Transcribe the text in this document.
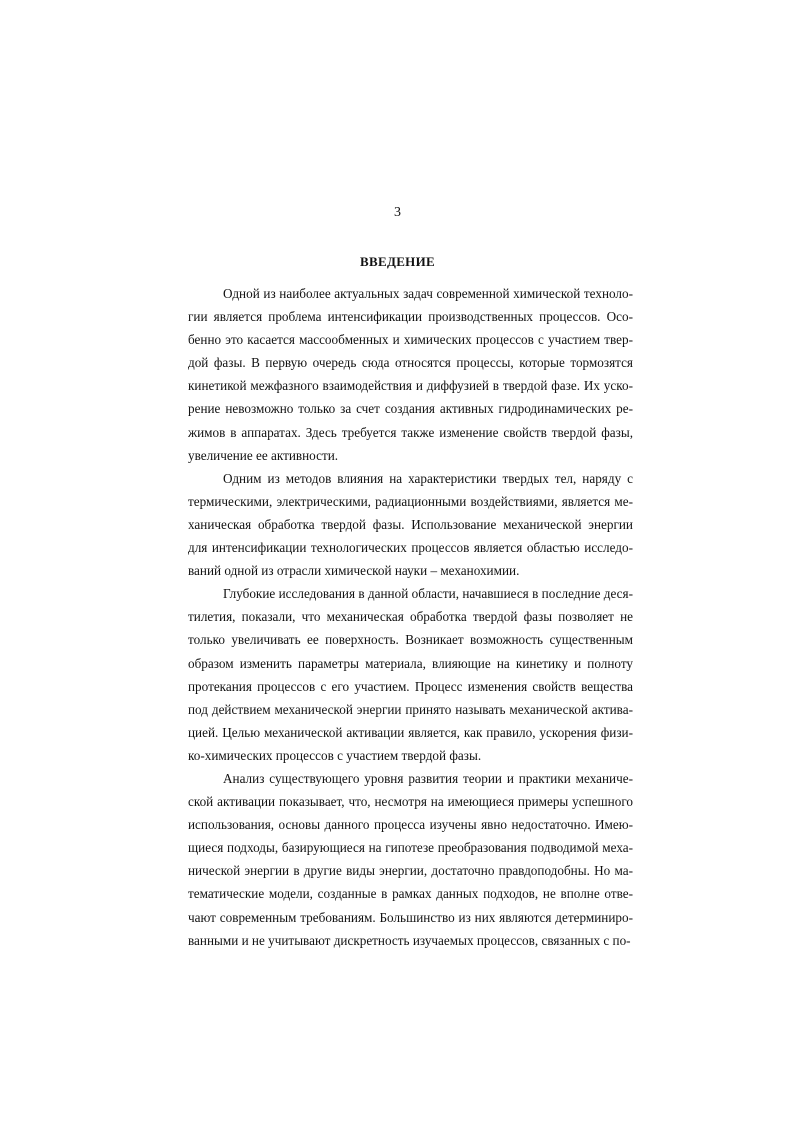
3
ВВЕДЕНИЕ

Одной из наиболее актуальных задач современной химической технологии является проблема интенсификации производственных процессов. Особенно это касается массообменных и химических процессов с участием твердой фазы. В первую очередь сюда относятся процессы, которые тормозятся кинетикой межфазного взаимодействия и диффузией в твердой фазе. Их ускорение невозможно только за счет создания активных гидродинамических режимов в аппаратах. Здесь требуется также изменение свойств твердой фазы, увеличение ее активности.

Одним из методов влияния на характеристики твердых тел, наряду с термическими, электрическими, радиационными воздействиями, является механическая обработка твердой фазы. Использование механической энергии для интенсификации технологических процессов является областью исследований одной из отрасли химической науки – механохимии.

Глубокие исследования в данной области, начавшиеся в последние десятилетия, показали, что механическая обработка твердой фазы позволяет не только увеличивать ее поверхность. Возникает возможность существенным образом изменить параметры материала, влияющие на кинетику и полноту протекания процессов с его участием. Процесс изменения свойств вещества под действием механической энергии принято называть механической активацией. Целью механической активации является, как правило, ускорения физико-химических процессов с участием твердой фазы.

Анализ существующего уровня развития теории и практики механической активации показывает, что, несмотря на имеющиеся примеры успешного использования, основы данного процесса изучены явно недостаточно. Имеющиеся подходы, базирующиеся на гипотезе преобразования подводимой механической энергии в другие виды энергии, достаточно правдоподобны. Но математические модели, созданные в рамках данных подходов, не вполне отвечают современным требованиям. Большинство из них являются детерминированными и не учитывают дискретность изучаемых процессов, связанных с по-
